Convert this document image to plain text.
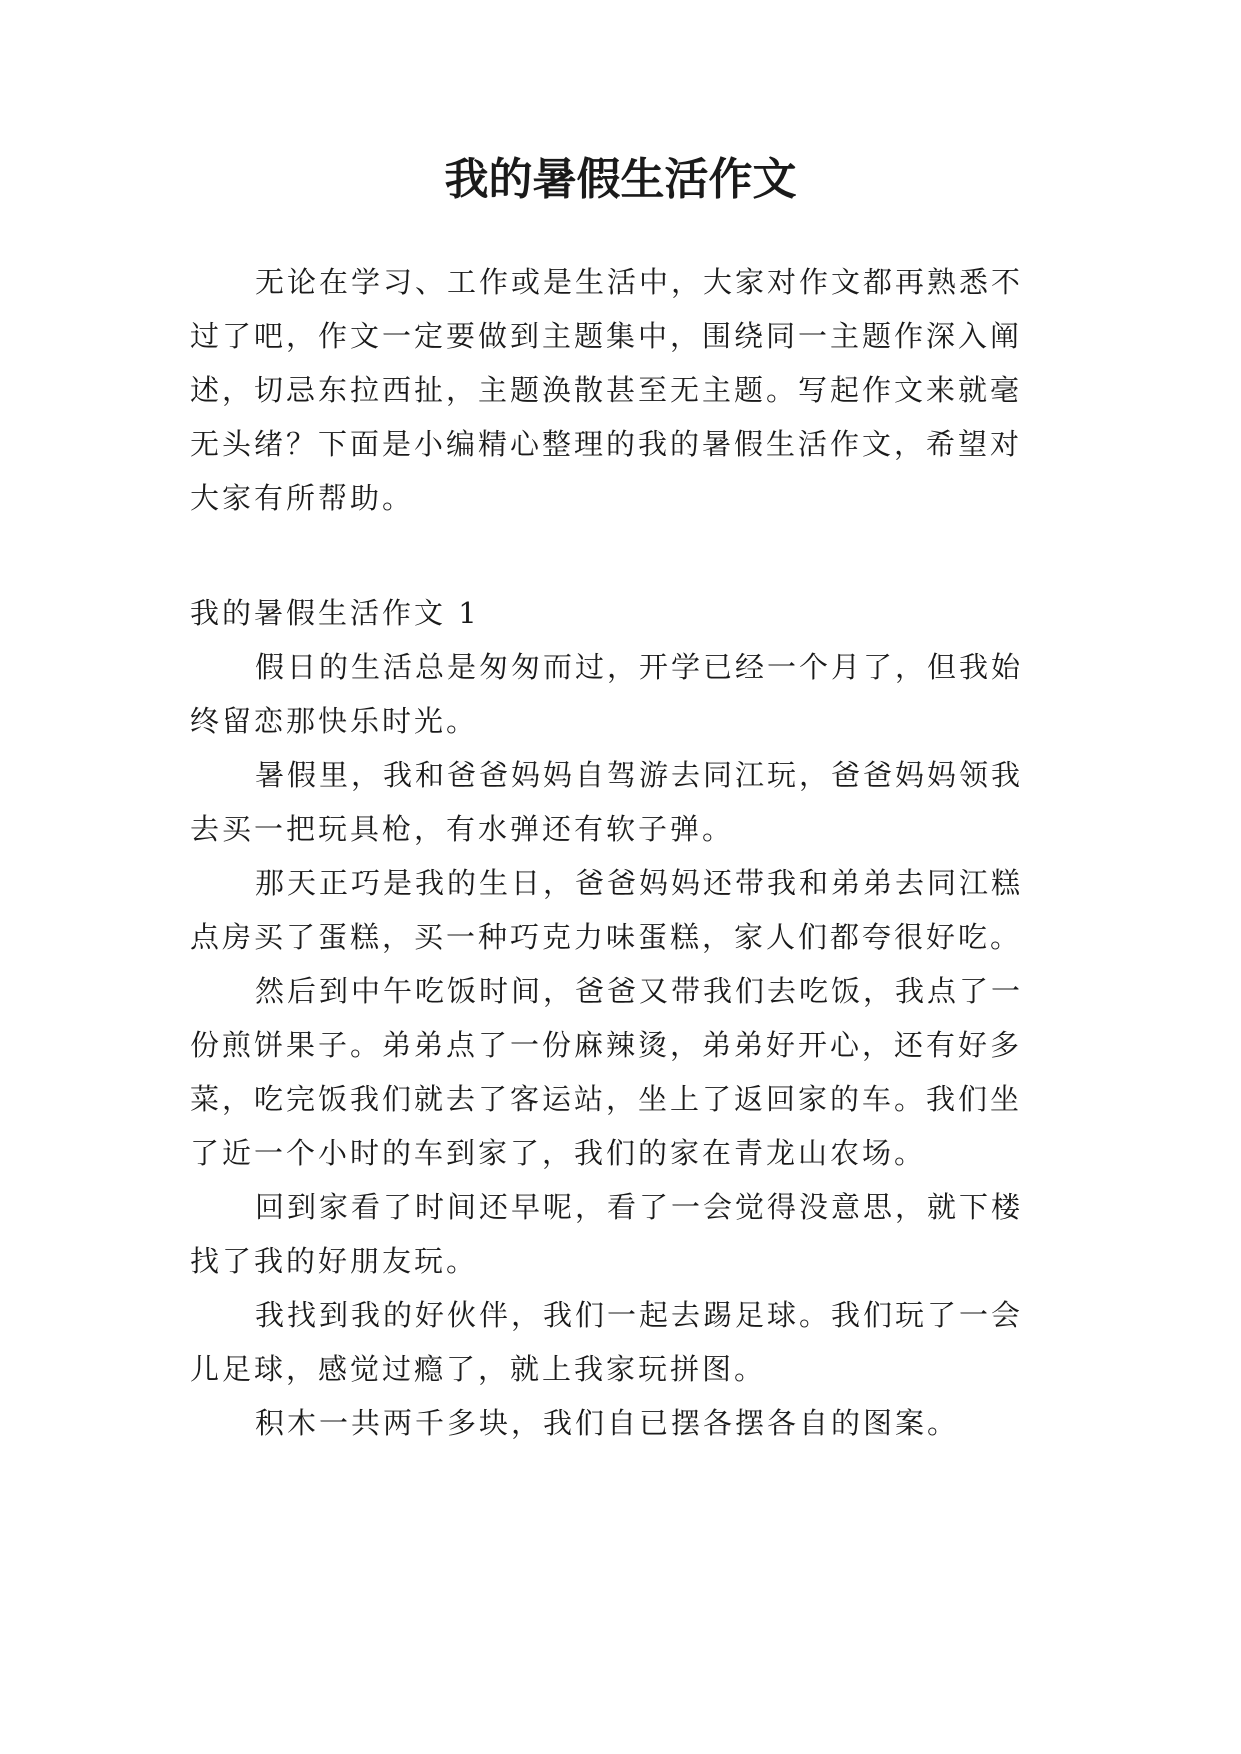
我的暑假生活作文

无论在学习、工作或是生活中，大家对作文都再熟悉不

过了吧，作文一定要做到主题集中，围绕同一主题作深入阐

述，切忌东拉西扯，主题涣散甚至无主题。写起作文来就毫

无头绪？下面是小编精心整理的我的暑假生活作文，希望对

大家有所帮助。

我的暑假生活作文 1

假日的生活总是匆匆而过，开学已经一个月了，但我始

终留恋那快乐时光。

暑假里，我和爸爸妈妈自驾游去同江玩，爸爸妈妈领我

去买一把玩具枪，有水弹还有软子弹。

那天正巧是我的生日，爸爸妈妈还带我和弟弟去同江糕

点房买了蛋糕，买一种巧克力味蛋糕，家人们都夸很好吃。

然后到中午吃饭时间，爸爸又带我们去吃饭，我点了一

份煎饼果子。弟弟点了一份麻辣烫，弟弟好开心，还有好多

菜，吃完饭我们就去了客运站，坐上了返回家的车。我们坐

了近一个小时的车到家了，我们的家在青龙山农场。

回到家看了时间还早呢，看了一会觉得没意思，就下楼

找了我的好朋友玩。

我找到我的好伙伴，我们一起去踢足球。我们玩了一会

儿足球，感觉过瘾了，就上我家玩拼图。

积木一共两千多块，我们自已摆各摆各自的图案。
